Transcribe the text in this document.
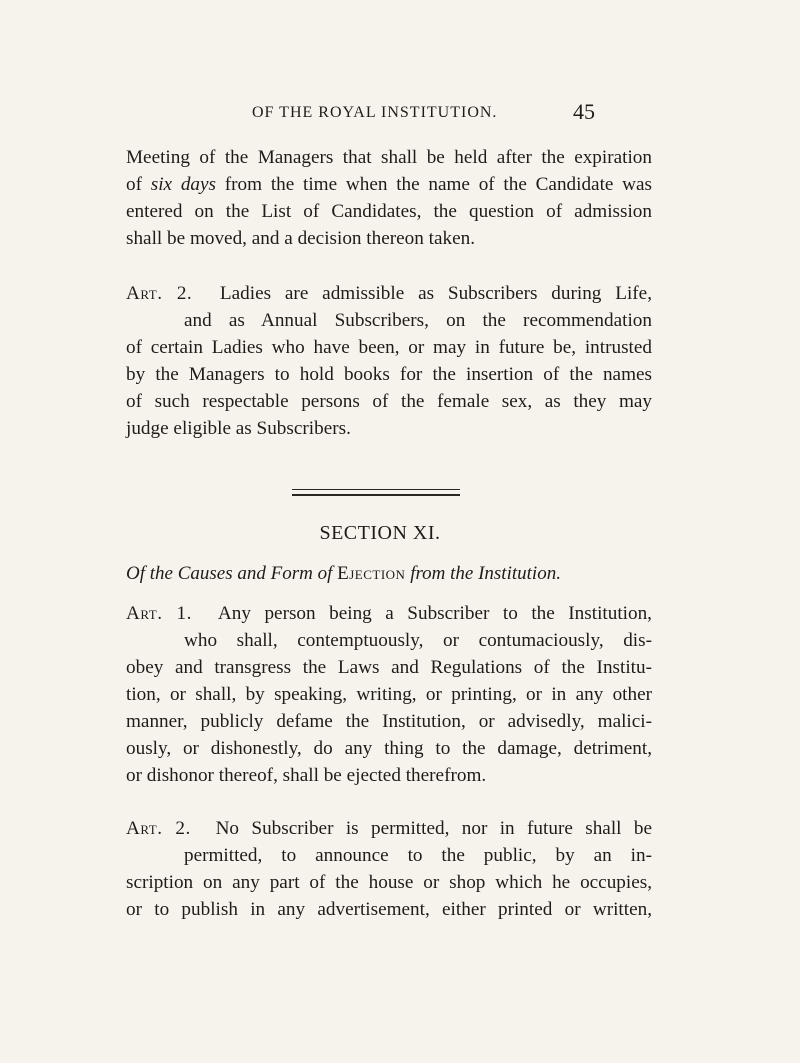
OF THE ROYAL INSTITUTION.	45
Meeting of the Managers that shall be held after the expiration
of six days from the time when the name of the Candidate was
entered on the List of Candidates, the question of admission
shall be moved, and a decision thereon taken.
Art. 2. Ladies are admissible as Subscribers during Life,
and as Annual Subscribers, on the recommendation
of certain Ladies who have been, or may in future be, intrusted
by the Managers to hold books for the insertion of the names
of such respectable persons of the female sex, as they may
judge eligible as Subscribers.
SECTION XI.
Of the Causes and Form of Ejection from the Institution.
Art. 1. Any person being a Subscriber to the Institution,
who shall, contemptuously, or contumaciously, dis-
obey and transgress the Laws and Regulations of the Institu-
tion, or shall, by speaking, writing, or printing, or in any other
manner, publicly defame the Institution, or advisedly, malici-
ously, or dishonestly, do any thing to the damage, detriment,
or dishonor thereof, shall be ejected therefrom.
Art. 2. No Subscriber is permitted, nor in future shall be
permitted, to announce to the public, by an in-
scription on any part of the house or shop which he occupies,
or to publish in any advertisement, either printed or written,
